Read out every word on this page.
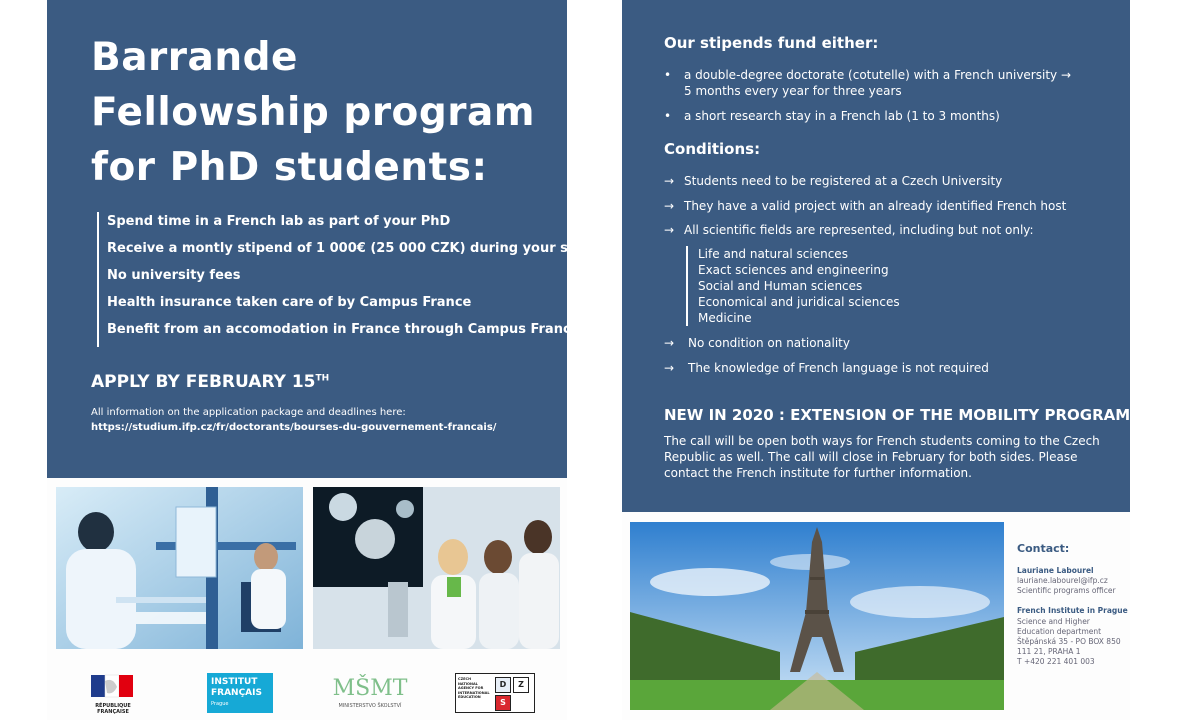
Barrande
Fellowship program
for PhD students:
Spend time in a French lab as part of your PhD
Receive a montly stipend of 1 000€ (25 000 CZK) during your stay
No university fees
Health insurance taken care of by Campus France
Benefit from an accomodation in France through Campus France
APPLY BY FEBRUARY 15TH
All information on the application package and deadlines here:
https://studium.ifp.cz/fr/doctorants/bourses-du-gouvernement-francais/
RÉPUBLIQUE FRANÇAISE
INSTITUT
FRANÇAIS
Prague
MŠMT
MINISTERSTVO ŠKOLSTVÍ
CZECH NATIONAL AGENCY FOR INTERNATIONAL EDUCATION
D	Z
S
Our stipends fund either:
• a double-degree doctorate (cotutelle) with a French university →
5 months every year for three years
• a short research stay in a French lab (1 to 3 months)
Conditions:
→ Students need to be registered at a Czech University
→ They have a valid project with an already identified French host
→ All scientific fields are represented, including but not only:
Life and natural sciences
Exact sciences and engineering
Social and Human sciences
Economical and juridical sciences
Medicine
→ No condition on nationality
→ The knowledge of French language is not required
NEW IN 2020 : EXTENSION OF THE MOBILITY PROGRAM
The call will be open both ways for French students coming to the Czech Republic as well. The call will close in February for both sides. Please contact the French institute for further information.
Contact:
Lauriane Labourel
lauriane.labourel@ifp.cz
Scientific programs officer
French Institute in Prague
Science and Higher
Education department
Štěpánská 35 - PO BOX 850
111 21, PRAHA 1
T +420 221 401 003
